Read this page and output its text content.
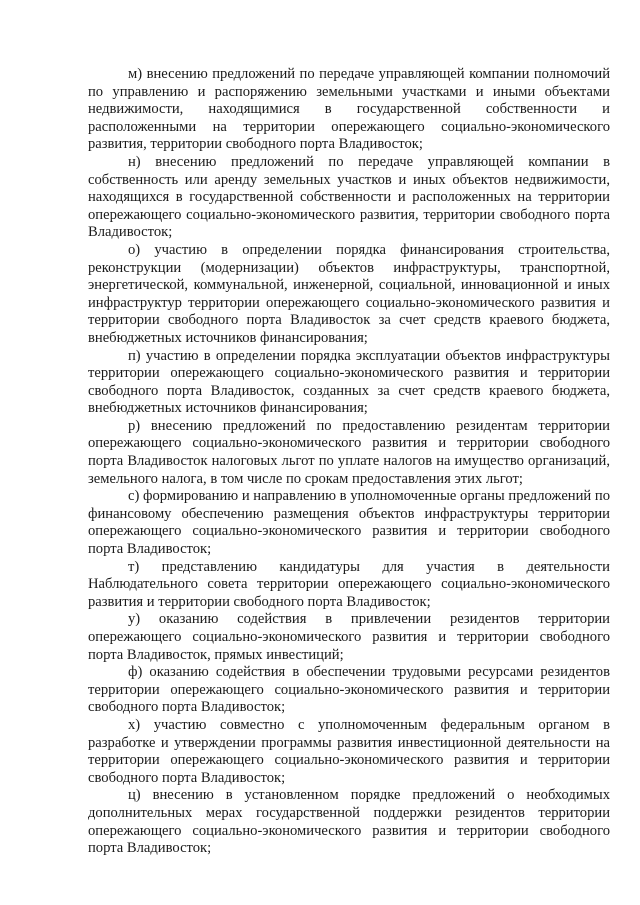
м) внесению предложений по передаче управляющей компании полномочий по управлению и распоряжению земельными участками и иными объектами недвижимости, находящимися в государственной собственности и расположенными на территории опережающего социально-экономического развития, территории свободного порта Владивосток;

н) внесению предложений по передаче управляющей компании в собственность или аренду земельных участков и иных объектов недвижимости, находящихся в государственной собственности и расположенных на территории опережающего социально-экономического развития, территории свободного порта Владивосток;

о) участию в определении порядка финансирования строительства, реконструкции (модернизации) объектов инфраструктуры, транспортной, энергетической, коммунальной, инженерной, социальной, инновационной и иных инфраструктур территории опережающего социально-экономического развития и территории свободного порта Владивосток за счет средств краевого бюджета, внебюджетных источников финансирования;

п) участию в определении порядка эксплуатации объектов инфраструктуры территории опережающего социально-экономического развития и территории свободного порта Владивосток, созданных за счет средств краевого бюджета, внебюджетных источников финансирования;

р) внесению предложений по предоставлению резидентам территории опережающего социально-экономического развития и территории свободного порта Владивосток налоговых льгот по уплате налогов на имущество организаций, земельного налога, в том числе по срокам предоставления этих льгот;

с) формированию и направлению в уполномоченные органы предложений по финансовому обеспечению размещения объектов инфраструктуры территории опережающего социально-экономического развития и территории свободного порта Владивосток;

т) представлению кандидатуры для участия в деятельности Наблюдательного совета территории опережающего социально-экономического развития и территории свободного порта Владивосток;

у) оказанию содействия в привлечении резидентов территории опережающего социально-экономического развития и территории свободного порта Владивосток, прямых инвестиций;

ф) оказанию содействия в обеспечении трудовыми ресурсами резидентов территории опережающего социально-экономического развития и территории свободного порта Владивосток;

х) участию совместно с уполномоченным федеральным органом в разработке и утверждении программы развития инвестиционной деятельности на территории опережающего социально-экономического развития и территории свободного порта Владивосток;

ц) внесению в установленном порядке предложений о необходимых дополнительных мерах государственной поддержки резидентов территории опережающего социально-экономического развития и территории свободного порта Владивосток;
